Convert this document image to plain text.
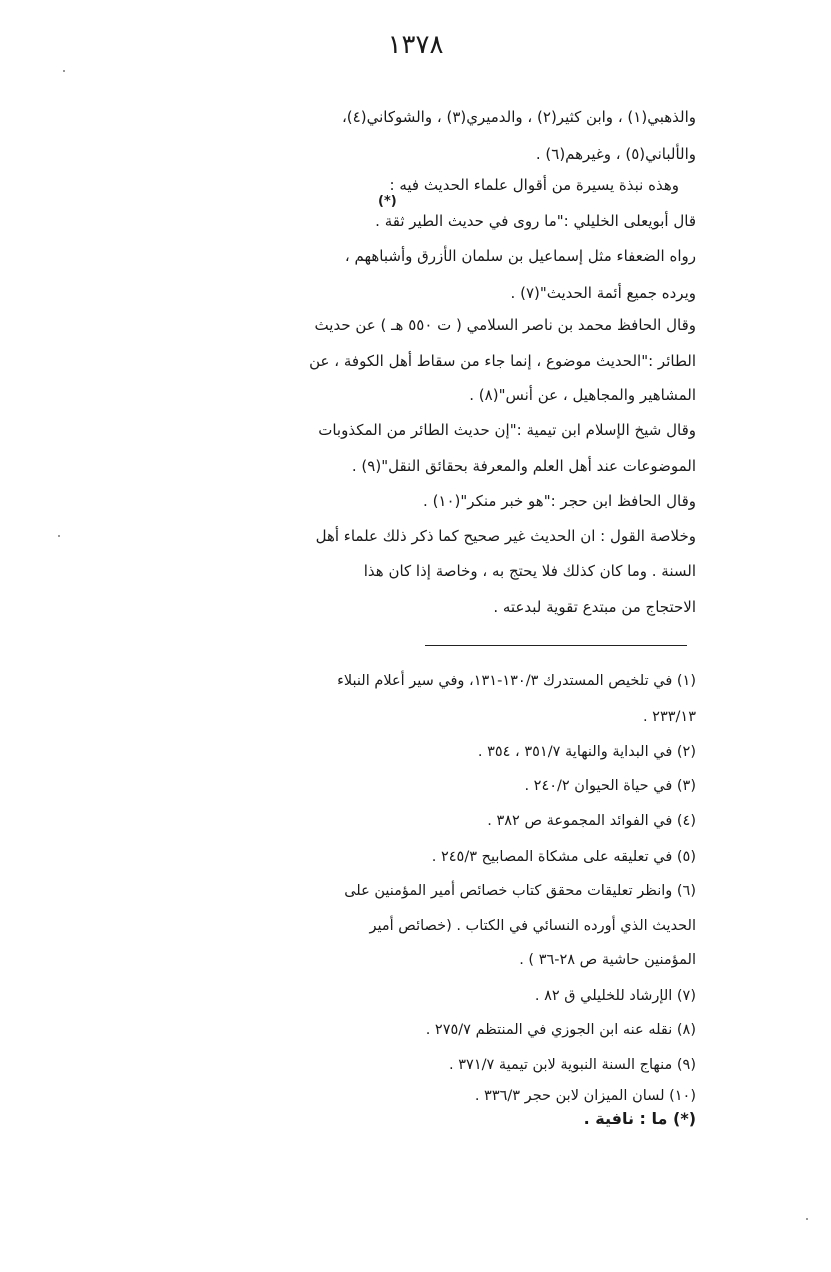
١٣٧٨
والذهبي(١) ، وابن كثير(٢) ، والدميري(٣) ، والشوكاني(٤)،
والألباني(٥) ، وغيرهم(٦) .
وهذه نبذة يسيرة من أقوال علماء الحديث فيه :
(*)
قال أبويعلى الخليلي :"ما روى في حديث الطير ثقة .
رواه الضعفاء مثل إسماعيل بن سلمان الأزرق وأشباههم ،
ويرده جميع أئمة الحديث"(٧) .
وقال الحافظ محمد بن ناصر السلامي ( ت ٥٥٠ هـ ) عن حديث
الطائر :"الحديث موضوع ، إنما جاء من سقاط أهل الكوفة ، عن
المشاهير والمجاهيل ، عن أنس"(٨) .
وقال شيخ الإسلام ابن تيمية :"إن حديث الطائر من المكذوبات
الموضوعات عند أهل العلم والمعرفة بحقائق النقل"(٩) .
وقال الحافظ ابن حجر :"هو خبر منكر"(١٠) .
وخلاصة القول : ان الحديث غير صحيح كما ذكر ذلك علماء أهل
السنة . وما كان كذلك فلا يحتج به ، وخاصة إذا كان هذا
الاحتجاج من مبتدع تقوية لبدعته .
(١) في تلخيص المستدرك ١٣٠/٣-١٣١، وفي سير أعلام النبلاء
٢٣٣/١٣ .
(٢) في البداية والنهاية ٣٥١/٧ ، ٣٥٤ .
(٣) في حياة الحيوان ٢٤٠/٢ .
(٤) في الفوائد المجموعة ص ٣٨٢ .
(٥) في تعليقه على مشكاة المصابيح ٢٤٥/٣ .
(٦) وانظر تعليقات محقق كتاب خصائص أمير المؤمنين على
الحديث الذي أورده النسائي في الكتاب . (خصائص أمير
المؤمنين حاشية ص ٢٨-٣٦ ) .
(٧) الإرشاد للخليلي ق ٨٢ .
(٨) نقله عنه ابن الجوزي في المنتظم ٢٧٥/٧ .
(٩) منهاج السنة النبوية لابن تيمية ٣٧١/٧ .
(١٠) لسان الميزان لابن حجر ٣٣٦/٣ .
(*) ما : نافية .
